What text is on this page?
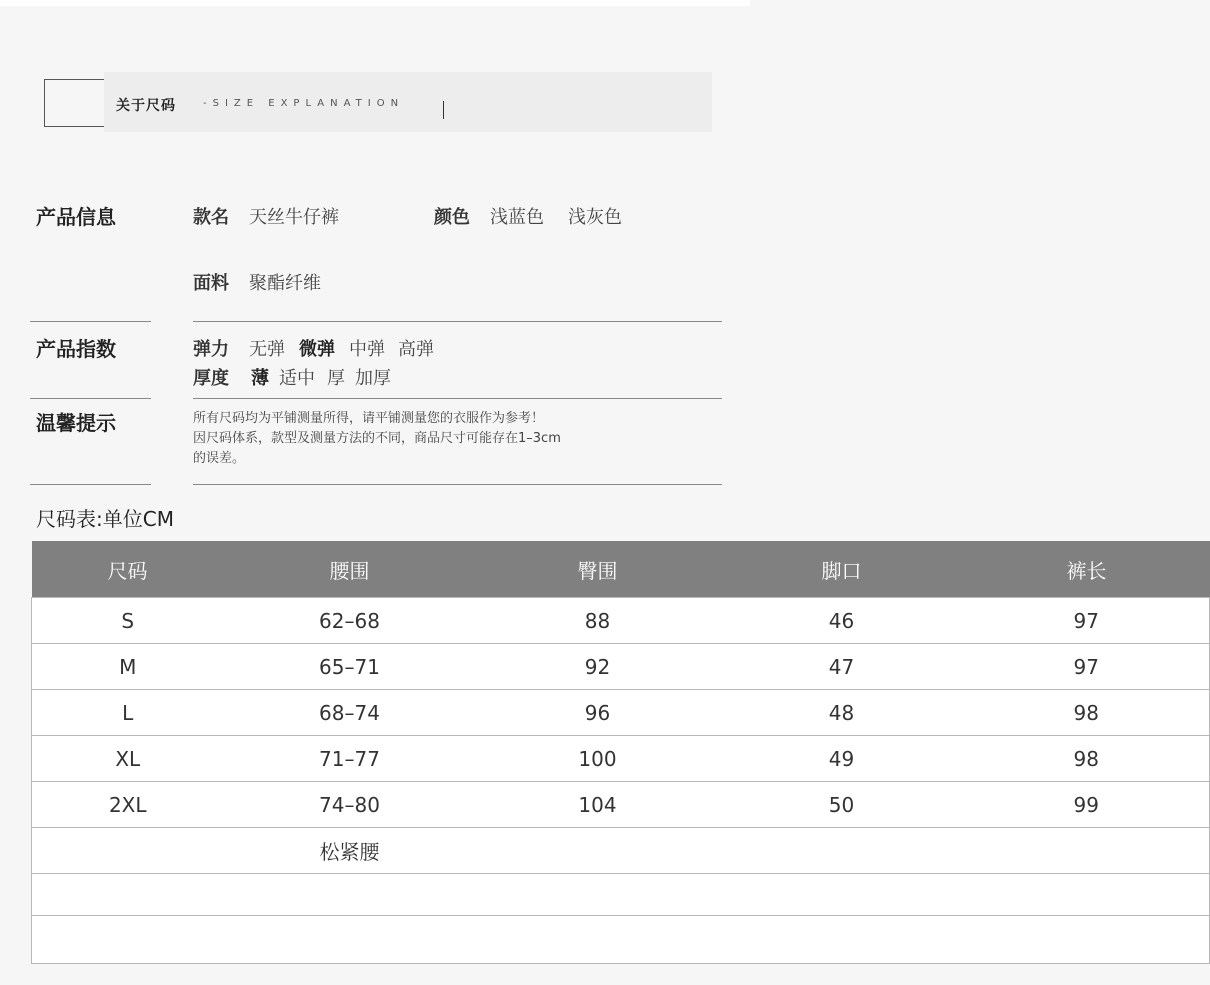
关于尺码	-SIZE EXPLANATION
产品信息	款名 天丝牛仔裤	颜色 浅蓝色 浅灰色
面料 聚酯纤维
产品指数	弹力 无弹 微弹 中弹 高弹
厚度 薄 适中 厚 加厚
温馨提示	所有尺码均为平铺测量所得，请平铺测量您的衣服作为参考！
因尺码体系，款型及测量方法的不同，商品尺寸可能存在1–3cm
的误差。
尺码表:单位CM
尺码	腰围	臀围	脚口	裤长
S	62–68	88	46	97
M	65–71	92	47	97
L	68–74	96	48	98
XL	71–77	100	49	98
2XL	74–80	104	50	99
	松紧腰			
